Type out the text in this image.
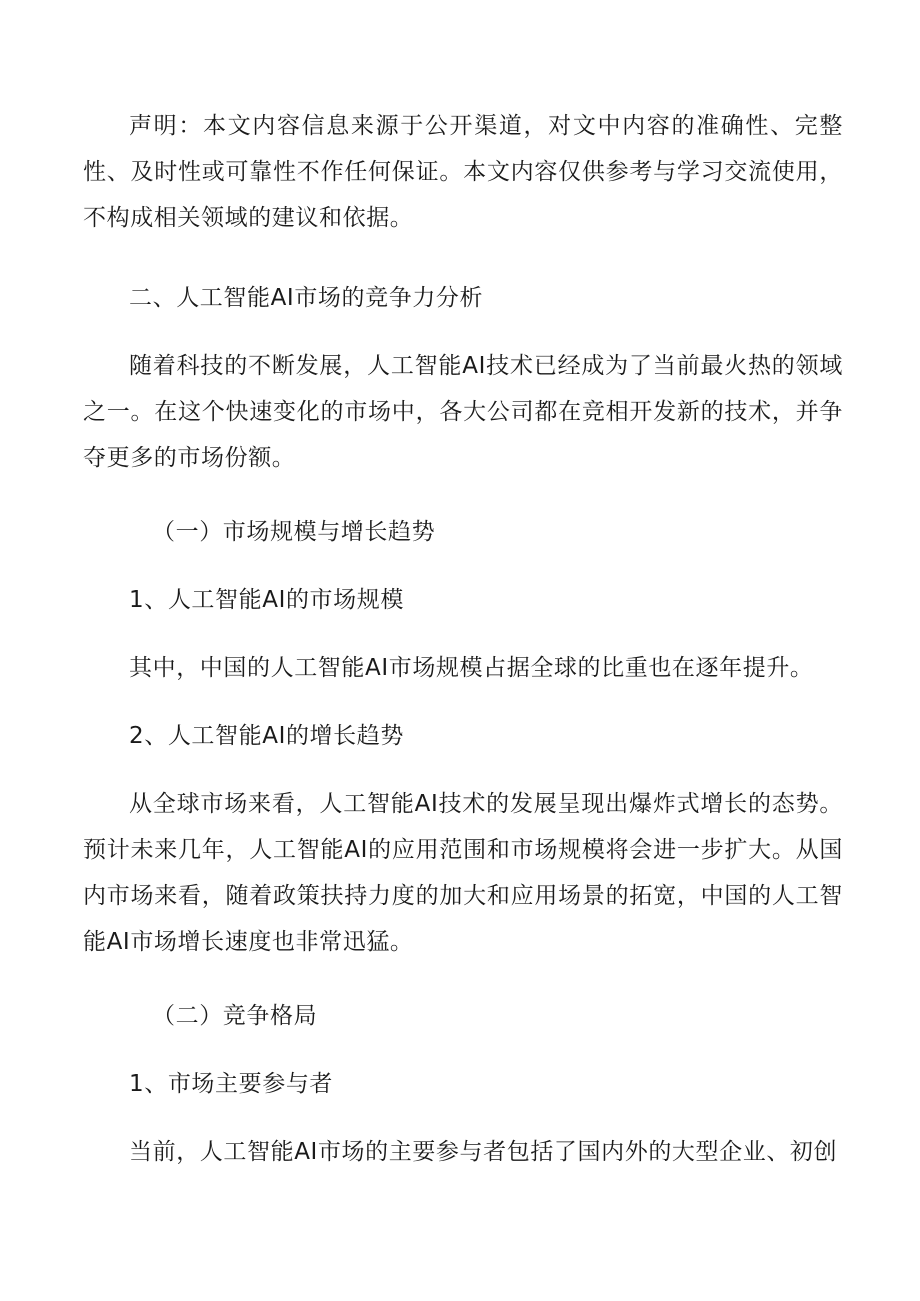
声明：本文内容信息来源于公开渠道，对文中内容的准确性、完整性、及时性或可靠性不作任何保证。本文内容仅供参考与学习交流使用，不构成相关领域的建议和依据。

二、人工智能AI市场的竞争力分析

随着科技的不断发展，人工智能AI技术已经成为了当前最火热的领域之一。在这个快速变化的市场中，各大公司都在竞相开发新的技术，并争夺更多的市场份额。

（一）市场规模与增长趋势

1、人工智能AI的市场规模

其中，中国的人工智能AI市场规模占据全球的比重也在逐年提升。

2、人工智能AI的增长趋势

从全球市场来看，人工智能AI技术的发展呈现出爆炸式增长的态势。预计未来几年，人工智能AI的应用范围和市场规模将会进一步扩大。从国内市场来看，随着政策扶持力度的加大和应用场景的拓宽，中国的人工智能AI市场增长速度也非常迅猛。

（二）竞争格局

1、市场主要参与者

当前，人工智能AI市场的主要参与者包括了国内外的大型企业、初创
